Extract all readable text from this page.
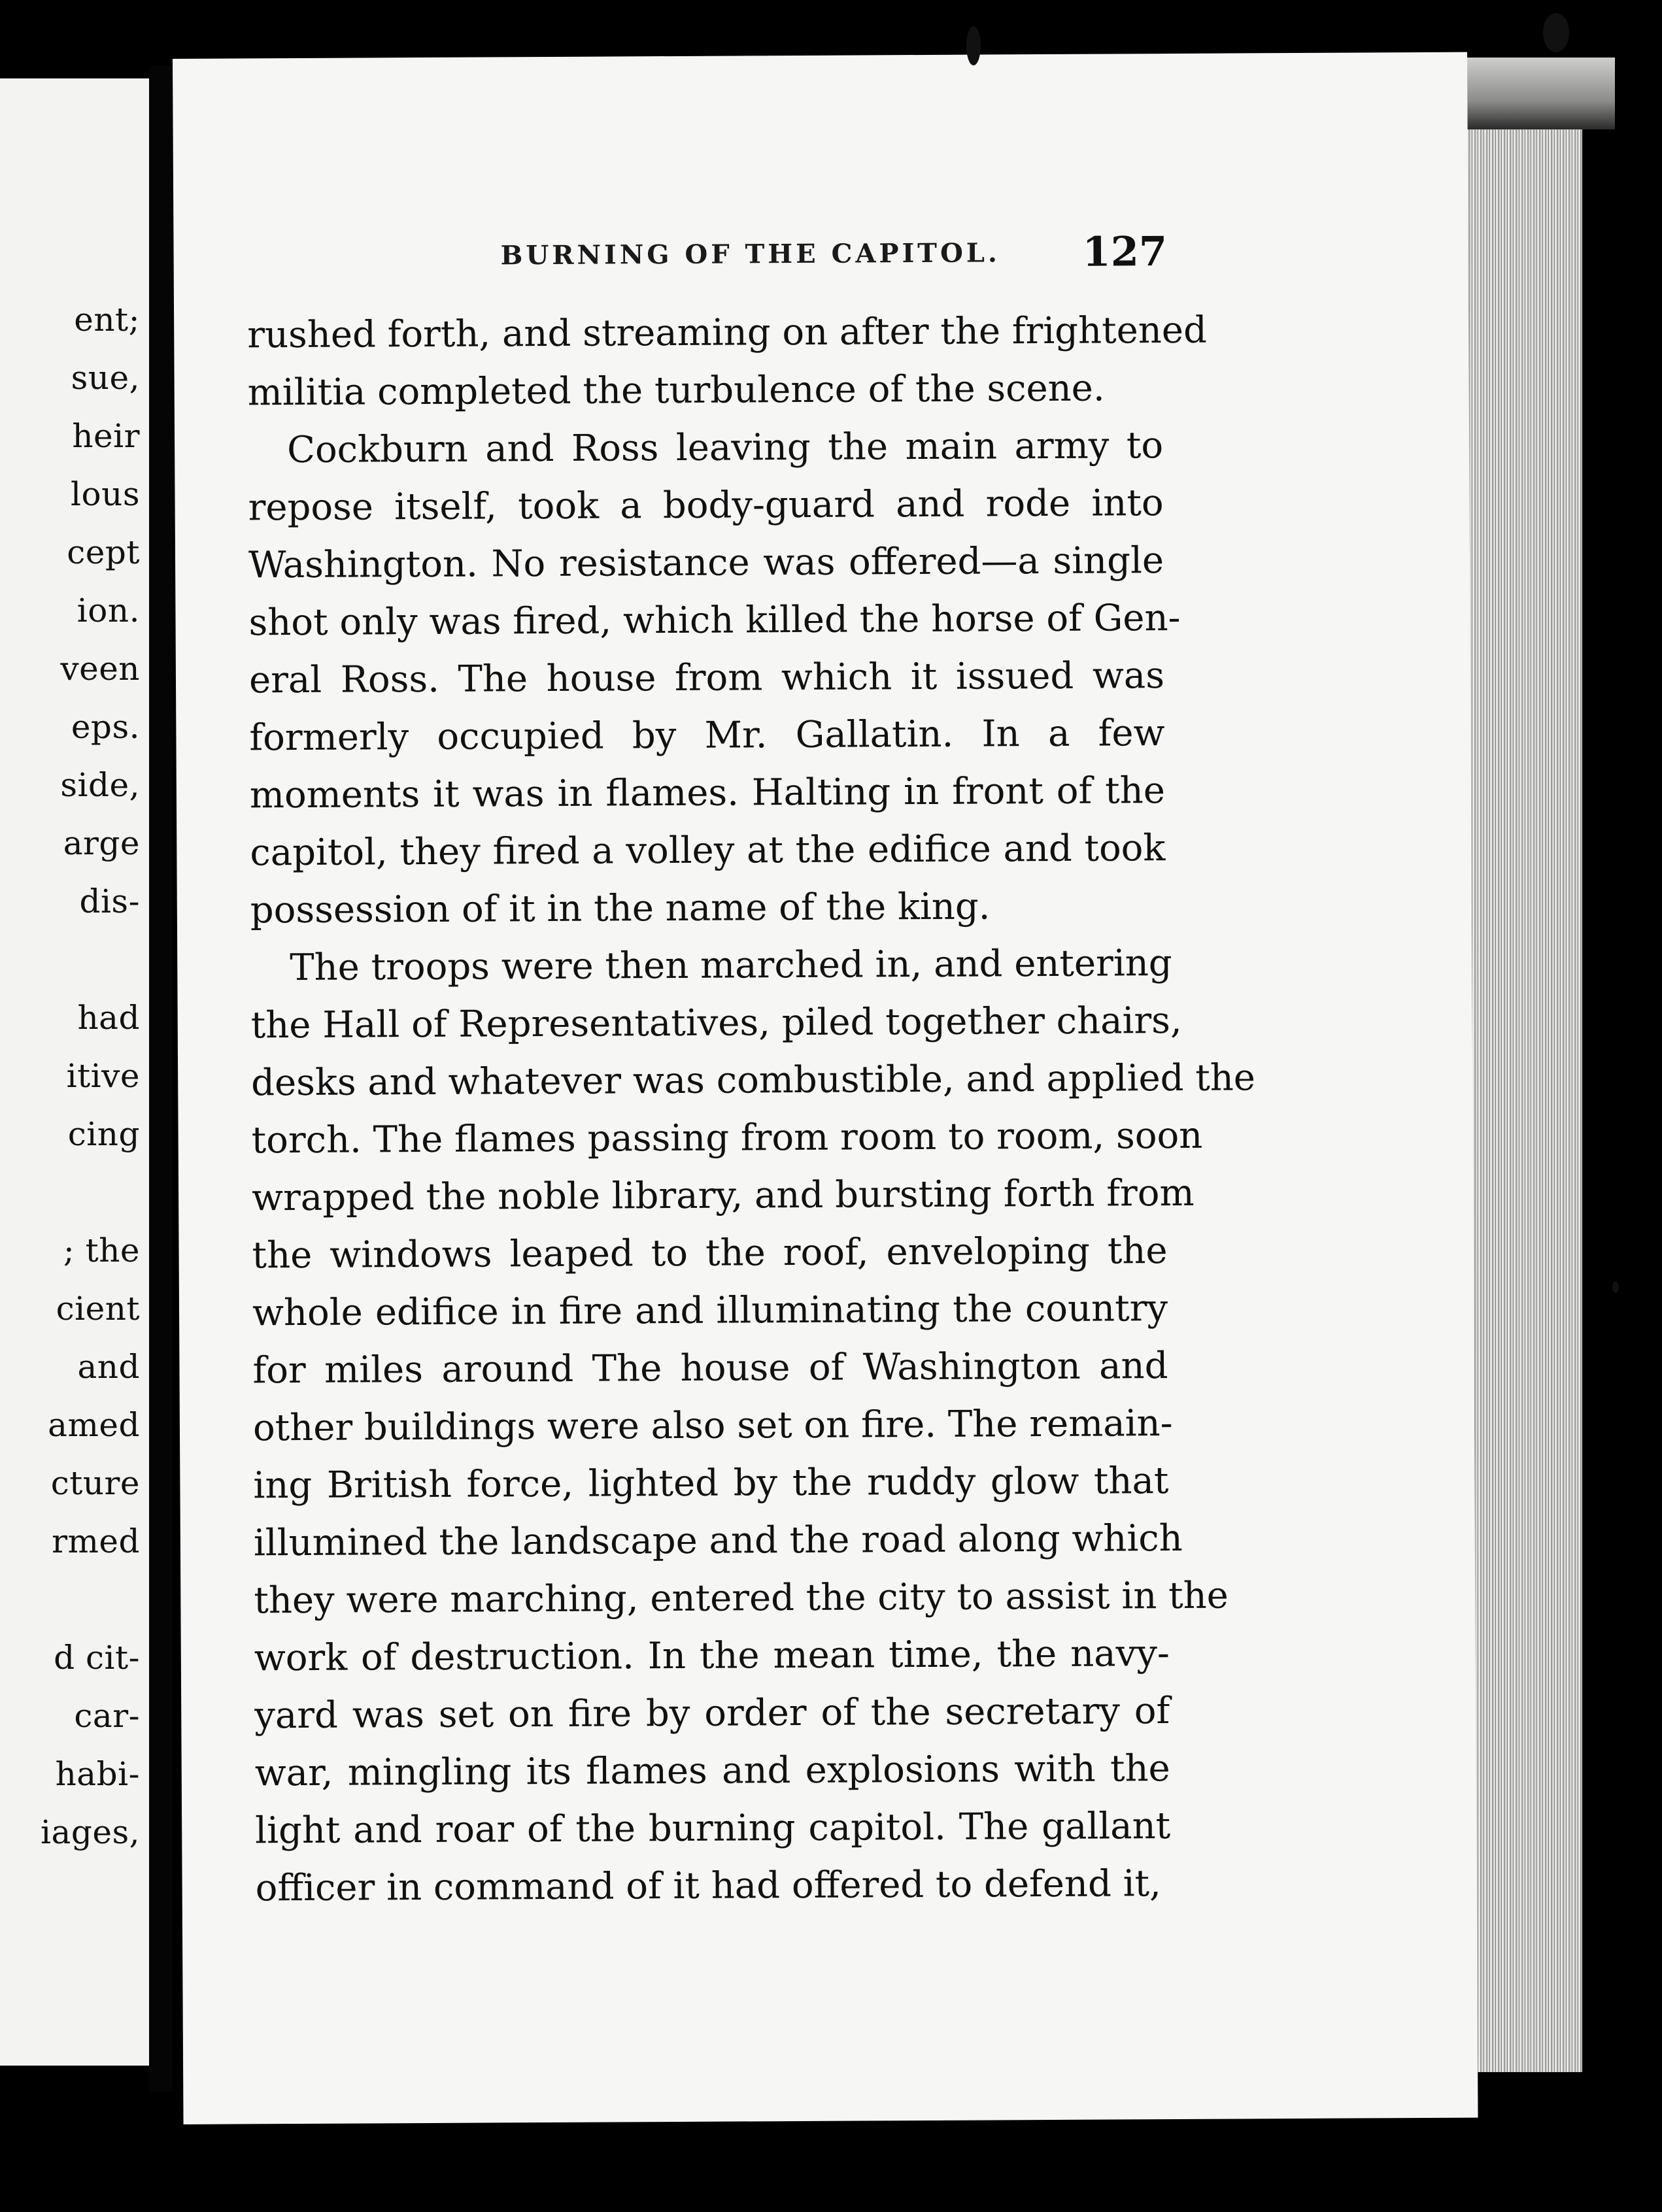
ent;
sue,
heir
lous
cept
ion.
veen
eps.
side,
arge
dis-
had
itive
cing
; the
cient
and
amed
cture
rmed
d cit-
car-
habi-
iages,
BURNING OF THE CAPITOL. 127
rushed forth, and streaming on after the frightened
militia completed the turbulence of the scene.
Cockburn and Ross leaving the main army to
repose itself, took a body-guard and rode into
Washington. No resistance was offered—a single
shot only was fired, which killed the horse of Gen-
eral Ross. The house from which it issued was
formerly occupied by Mr. Gallatin. In a few
moments it was in flames. Halting in front of the
capitol, they fired a volley at the edifice and took
possession of it in the name of the king.
The troops were then marched in, and entering
the Hall of Representatives, piled together chairs,
desks and whatever was combustible, and applied the
torch. The flames passing from room to room, soon
wrapped the noble library, and bursting forth from
the windows leaped to the roof, enveloping the
whole edifice in fire and illuminating the country
for miles around The house of Washington and
other buildings were also set on fire. The remain-
ing British force, lighted by the ruddy glow that
illumined the landscape and the road along which
they were marching, entered the city to assist in the
work of destruction. In the mean time, the navy-
yard was set on fire by order of the secretary of
war, mingling its flames and explosions with the
light and roar of the burning capitol. The gallant
officer in command of it had offered to defend it,
